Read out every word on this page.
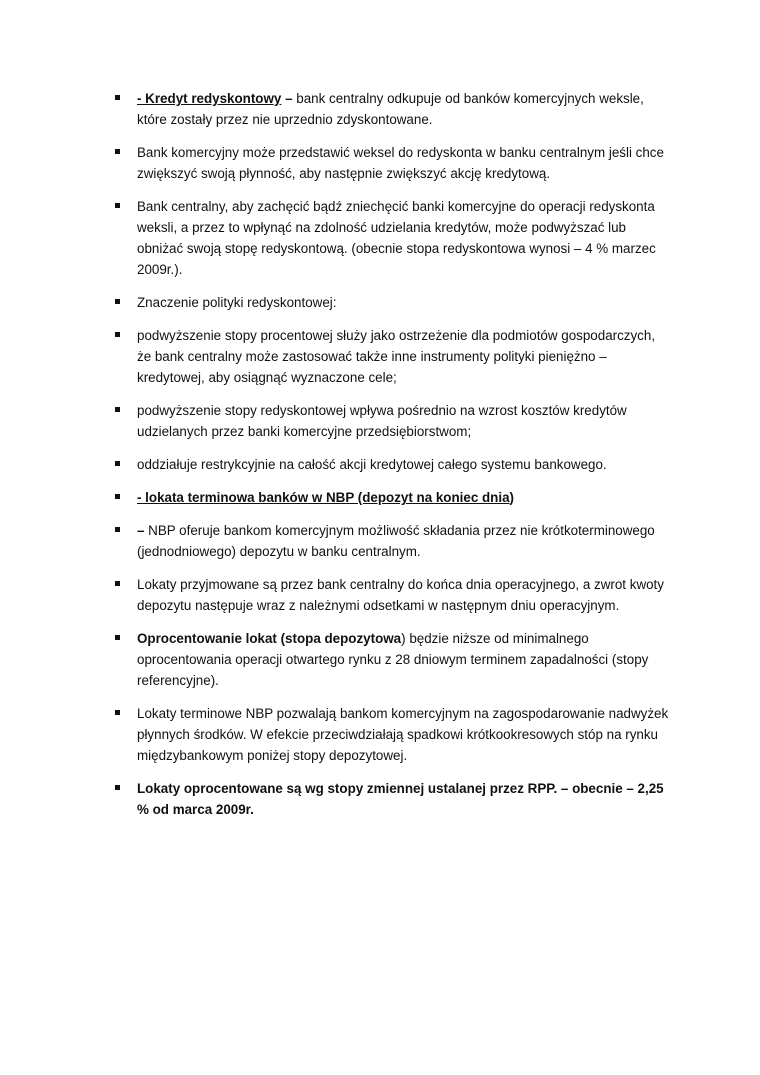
- Kredyt redyskontowy – bank centralny odkupuje od banków komercyjnych weksle, które zostały przez nie uprzednio zdyskontowane.
Bank komercyjny może przedstawić weksel do redyskonta w banku centralnym jeśli chce zwiększyć swoją płynność, aby następnie zwiększyć akcję kredytową.
Bank centralny, aby zachęcić bądź zniechęcić banki komercyjne do operacji redyskonta weksli, a przez to wpłynąć na zdolność udzielania kredytów, może podwyższać lub obniżać swoją stopę redyskontową. (obecnie stopa redyskontowa wynosi – 4 % marzec 2009r.).
Znaczenie polityki redyskontowej:
podwyższenie stopy procentowej służy jako ostrzeżenie dla podmiotów gospodarczych, że bank centralny może zastosować także inne instrumenty polityki pieniężno – kredytowej, aby osiągnąć wyznaczone cele;
podwyższenie stopy redyskontowej wpływa pośrednio na wzrost kosztów kredytów udzielanych przez banki komercyjne przedsiębiorstwom;
oddziałuje restrykcyjnie na całość akcji kredytowej całego systemu bankowego.
- lokata terminowa banków w NBP (depozyt na koniec dnia)
– NBP oferuje bankom komercyjnym możliwość składania przez nie krótkoterminowego (jednodniowego) depozytu w banku centralnym.
Lokaty przyjmowane są przez bank centralny do końca dnia operacyjnego, a zwrot kwoty depozytu następuje wraz z należnymi odsetkami w następnym dniu operacyjnym.
Oprocentowanie lokat (stopa depozytowa) będzie niższe od minimalnego oprocentowania operacji otwartego rynku z 28 dniowym terminem zapadalności (stopy referencyjne).
Lokaty terminowe NBP pozwalają bankom komercyjnym na zagospodarowanie nadwyżek płynnych środków. W efekcie przeciwdziałają spadkowi krótkookresowych stóp na rynku międzybankowym poniżej stopy depozytowej.
Lokaty oprocentowane są wg stopy zmiennej ustalanej przez RPP. – obecnie – 2,25 % od marca 2009r.
